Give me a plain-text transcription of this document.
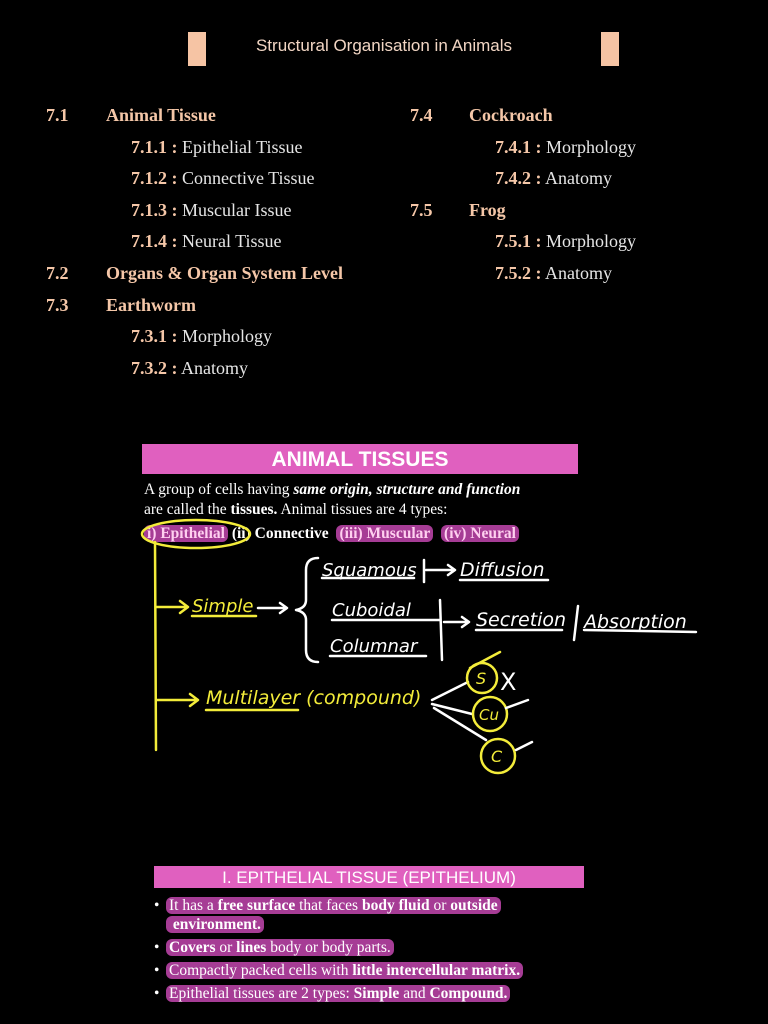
Structural Organisation in Animals
7.1 Animal Tissue
7.1.1 : Epithelial Tissue
7.1.2 : Connective Tissue
7.1.3 : Muscular Issue
7.1.4 : Neural Tissue
7.2 Organs & Organ System Level
7.3 Earthworm
7.3.1 : Morphology
7.3.2 : Anatomy
7.4 Cockroach
7.4.1 : Morphology
7.4.2 : Anatomy
7.5 Frog
7.5.1 : Morphology
7.5.2 : Anatomy
ANIMAL TISSUES
A group of cells having same origin, structure and function
are called the tissues. Animal tissues are 4 types:
i) Epithelial (ii) Connective (iii) Muscular (iv) Neural
Simple
Squamous Diffusion
Cuboidal
Columnar
Secretion Absorption
Multilayer (compound)
S
Cu
C
X
I. EPITHELIAL TISSUE (EPITHELIUM)
• It has a free surface that faces body fluid or outside
environment.
• Covers or lines body or body parts.
• Compactly packed cells with little intercellular matrix.
• Epithelial tissues are 2 types: Simple and Compound.
